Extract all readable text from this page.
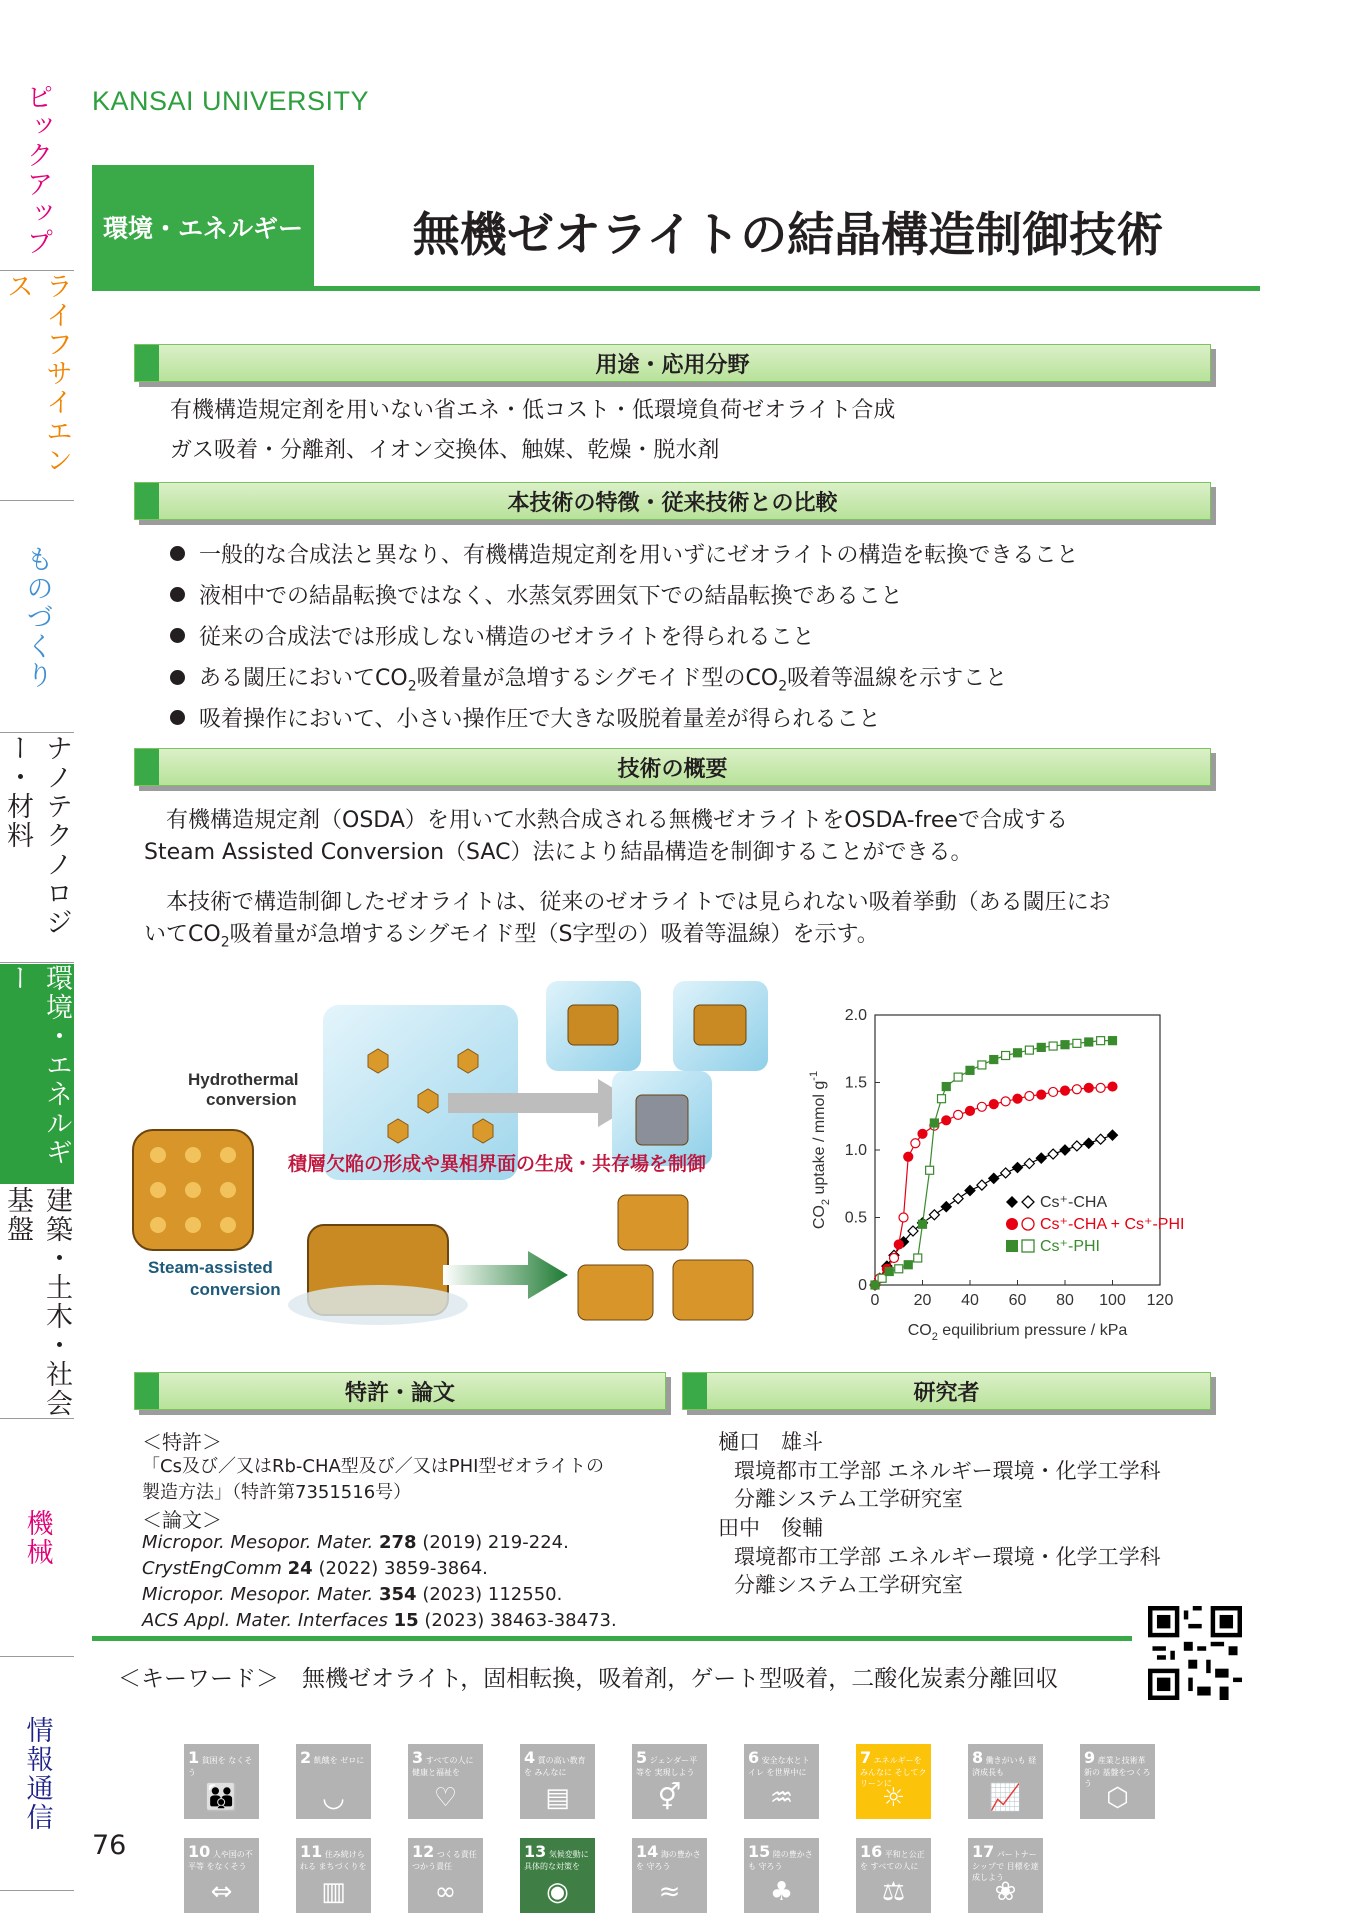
ピックアップ
ライフサイエンス
ものづくり
ナノテクノロジー・材料
環境・エネルギー
建築・土木・社会基盤
機械
情報通信
KANSAI UNIVERSITY
環境・エネルギー	無機ゼオライトの結晶構造制御技術
用途・応用分野
有機構造規定剤を用いない省エネ・低コスト・低環境負荷ゼオライト合成
ガス吸着・分離剤、イオン交換体、触媒、乾燥・脱水剤
本技術の特徴・従来技術との比較
一般的な合成法と異なり、有機構造規定剤を用いずにゼオライトの構造を転換できること
液相中での結晶転換ではなく、水蒸気雰囲気下での結晶転換であること
従来の合成法では形成しない構造のゼオライトを得られること
ある閾圧において$CO_2$吸着量が急増するシグモイド型の$CO_2$吸着等温線を示すこと
吸着操作において、小さい操作圧で大きな吸脱着量差が得られること
技術の概要
有機構造規定剤（OSDA）を用いて水熱合成される無機ゼオライトをOSDA-freeで合成する
Steam Assisted Conversion（SAC）法により結晶構造を制御することができる。
本技術で構造制御したゼオライトは、従来のゼオライトでは見られない吸着挙動（ある閾圧にお
いて$CO_2$吸着量が急増するシグモイド型（S字型の）吸着等温線）を示す。
Hydrothermal
conversion
Steam-assisted
conversion
積層欠陥の形成や異相界面の生成・共存場を制御
0 20 40 60 80 100 120
0
0.5
1.0
1.5
2.0
$CO_2$ equilibrium pressure / kPa
$CO_2$ uptake / mmol $g^{-1}$
Cs⁺-CHA
Cs⁺-CHA + Cs⁺-PHI
Cs⁺-PHI
特許・論文	研究者
＜特許＞
「Cs及び／又はRb-CHA型及び／又はPHI型ゼオライトの
製造方法」（特許第7351516号）
＜論文＞
Micropor. Mesopor. Mater. 278 (2019) 219-224.
CrystEngComm 24 (2022) 3859-3864.
Micropor. Mesopor. Mater. 354 (2023) 112550.
ACS Appl. Mater. Interfaces 15 (2023) 38463-38473.
樋口　雄斗
環境都市工学部 エネルギー環境・化学工学科
分離システム工学研究室
田中　俊輔
環境都市工学部 エネルギー環境・化学工学科
分離システム工学研究室
＜キーワード＞　無機ゼオライト，固相転換，吸着剤，ゲート型吸着，二酸化炭素分離回収
1 貧困を なくそう
👪
2 飢餓を ゼロに
◡
3 すべての人に 健康と福祉を
♡
4 質の高い教育を みんなに
▤
5 ジェンダー平等を 実現しよう
⚥
6 安全な水とトイレ を世界中に
♒
7 エネルギーをみんなに そしてクリーンに
☼
8 働きがいも 経済成長も
📈
9 産業と技術革新の 基盤をつくろう ⬡
10 人や国の不平等 をなくそう
⇔
11 住み続けられる まちづくりを
▥
12 つくる責任 つかう責任
∞
13 気候変動に 具体的な対策を
◉
14 海の豊かさを 守ろう
≈
15 陸の豊かさも 守ろう
♣
16 平和と公正を すべての人に
⚖
17 パートナーシップで 目標を達成しよう
❀
76
